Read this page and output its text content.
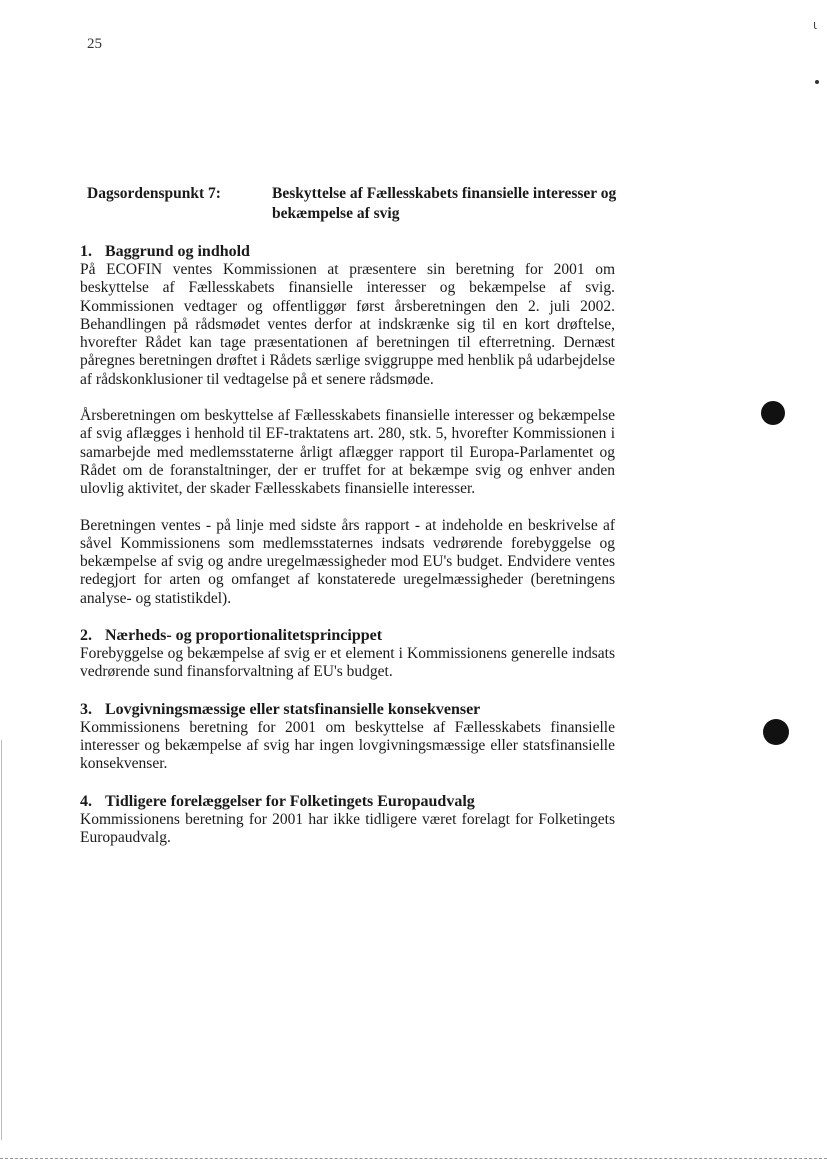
25
ι
Dagsordenspunkt 7:	Beskyttelse af Fællesskabets finansielle interesser og bekæmpelse af svig
1. Baggrund og indhold

På ECOFIN ventes Kommissionen at præsentere sin beretning for 2001 om beskyttelse af Fællesskabets finansielle interesser og bekæmpelse af svig. Kommissionen vedtager og offentliggør først årsberetningen den 2. juli 2002. Behandlingen på rådsmødet ventes derfor at indskrænke sig til en kort drøftelse, hvorefter Rådet kan tage præsentationen af beretningen til efterretning. Dernæst påregnes beretningen drøftet i Rådets særlige sviggruppe med henblik på udarbejdelse af rådskonklusioner til vedtagelse på et senere rådsmøde.

Årsberetningen om beskyttelse af Fællesskabets finansielle interesser og bekæmpelse af svig aflægges i henhold til EF-traktatens art. 280, stk. 5, hvorefter Kommissionen i samarbejde med medlemsstaterne årligt aflægger rapport til Europa-Parlamentet og Rådet om de foranstaltninger, der er truffet for at bekæmpe svig og enhver anden ulovlig aktivitet, der skader Fællesskabets finansielle interesser.

Beretningen ventes - på linje med sidste års rapport - at indeholde en beskrivelse af såvel Kommissionens som medlemsstaternes indsats vedrørende forebyggelse og bekæmpelse af svig og andre uregelmæssigheder mod EU's budget. Endvidere ventes redegjort for arten og omfanget af konstaterede uregelmæssigheder (beretningens analyse- og statistikdel).

2. Nærheds- og proportionalitetsprincippet

Forebyggelse og bekæmpelse af svig er et element i Kommissionens generelle indsats vedrørende sund finansforvaltning af EU's budget.

3. Lovgivningsmæssige eller statsfinansielle konsekvenser

Kommissionens beretning for 2001 om beskyttelse af Fællesskabets finansielle interesser og bekæmpelse af svig har ingen lovgivningsmæssige eller statsfinansielle konsekvenser.

4. Tidligere forelæggelser for Folketingets Europaudvalg

Kommissionens beretning for 2001 har ikke tidligere været forelagt for Folketingets Europaudvalg.
